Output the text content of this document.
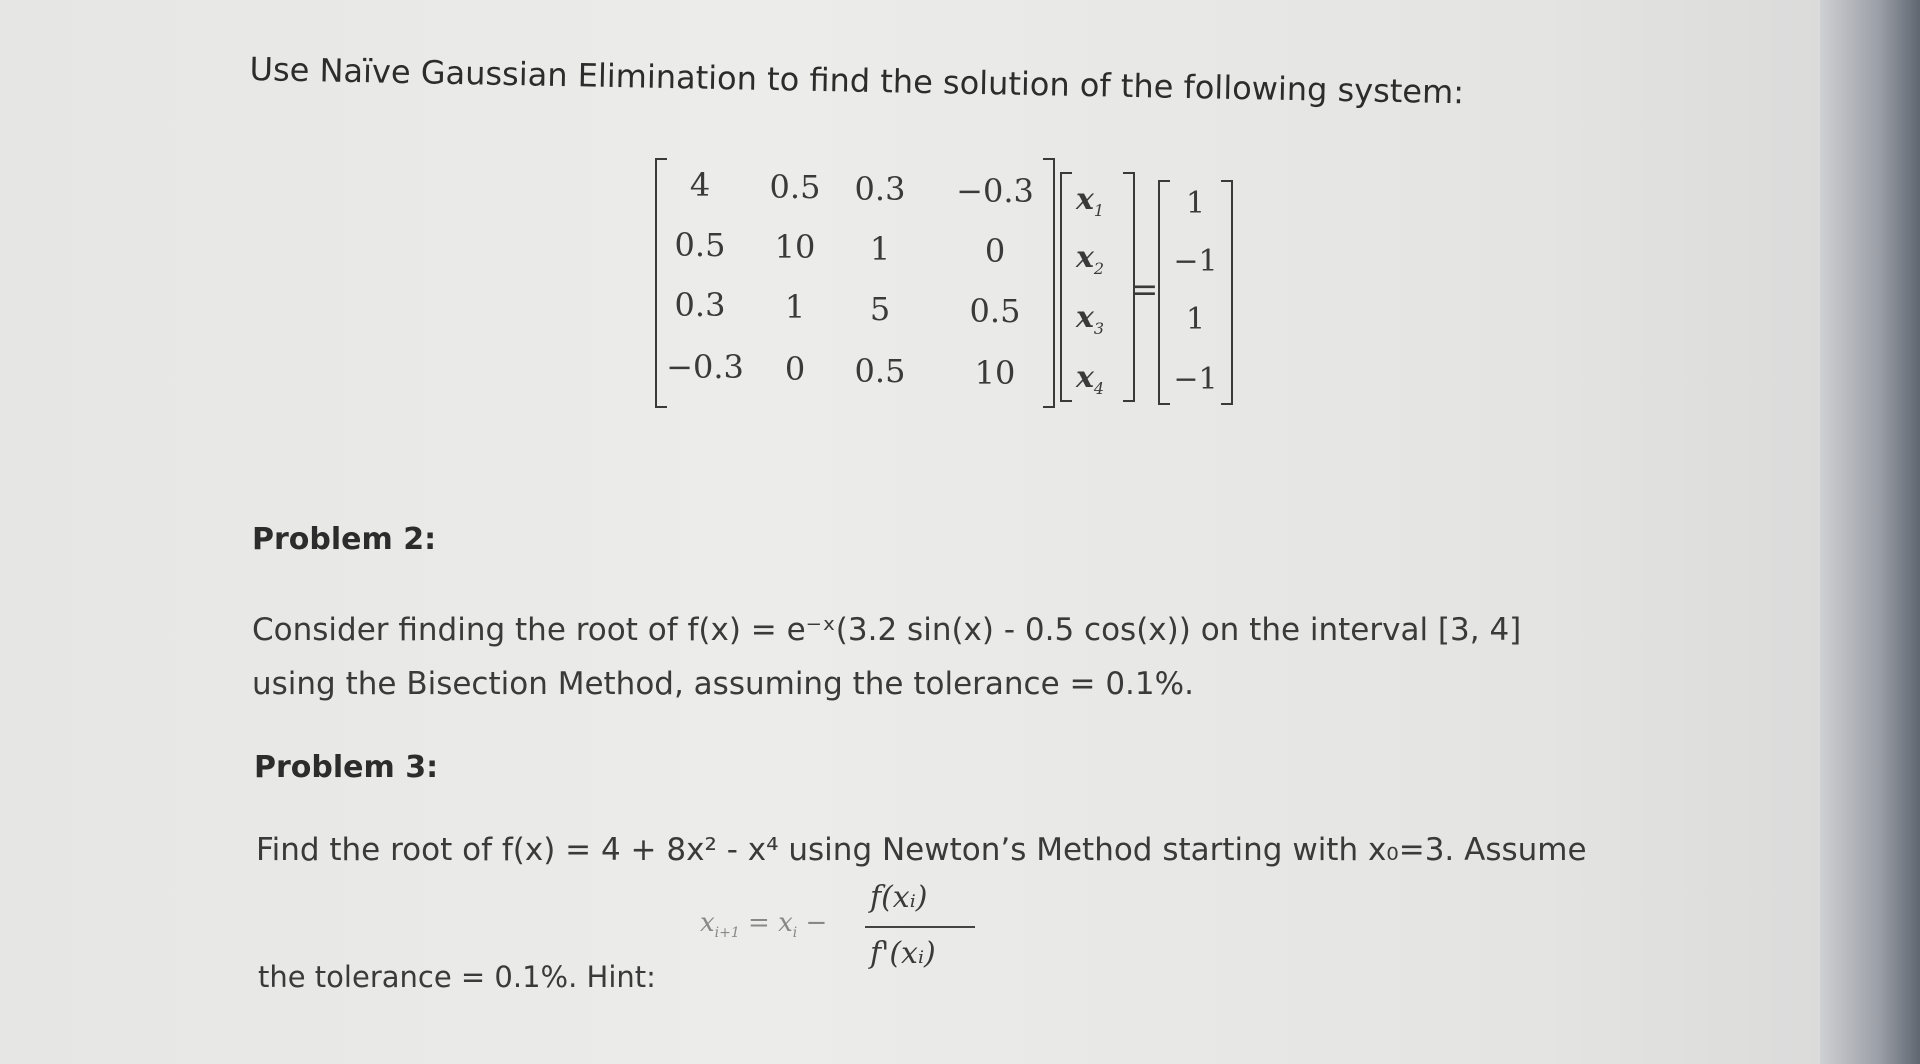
Use Naïve Gaussian Elimination to find the solution of the following system:
4	0.5	0.3	−0.3
0.5	10	1	0
0.3	1	5	0.5
−0.3	0	0.5	10
$x_1$
$x_2$
$x_3$
$x_4$
=
1
−1
1
−1
Problem 2:
Consider finding the root of f(x) = e⁻ˣ(3.2 sin(x) - 0.5 cos(x)) on the interval [3, 4]
using the Bisection Method, assuming the tolerance = 0.1%.
Problem 3:
Find the root of f(x) = 4 + 8x² - x⁴ using Newton’s Method starting with x₀=3. Assume
the tolerance = 0.1%. Hint:
$x_{i+1} = x_i$ −
f(xᵢ)
f'(xᵢ)
